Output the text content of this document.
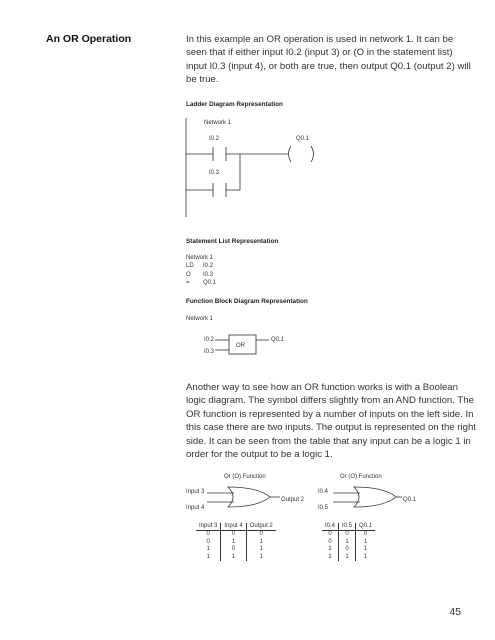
An OR Operation	In this example an OR operation is used in network 1. It can be seen that if either input I0.2 (input 3) or (O in the statement list) input I0.3 (input 4), or both are true, then output Q0.1 (output 2) will be true.

Ladder Diagram Representation
Network 1
I0.2
I0.3
Q0.1
Statement List Representation
Network 1
LD I0.2
O I0.3
= Q0.1
Function Block Diagram Representation
Network 1
I0.2
I0.3
Q0.1
OR

Another way to see how an OR function works is with a Boolean logic diagram. The symbol differs slightly from an AND function. The OR function is represented by a number of inputs on the left side. In this case there are two inputs. The output is represented on the right side. It can be seen from the table that any input can be a logic 1 in order for the output to be a logic 1.

Or (O) Function	Or (O) Function
Input 3
Input 4
Output 2
I0.4
I0.5
Q0.1
Input 3	Input 4	Output 2
0	0	0
0	1	1
1	0	1
1	1	1
I0.4	I0.5	Q0.1
0	0	0
0	1	1
1	0	1
1	1	1
45
